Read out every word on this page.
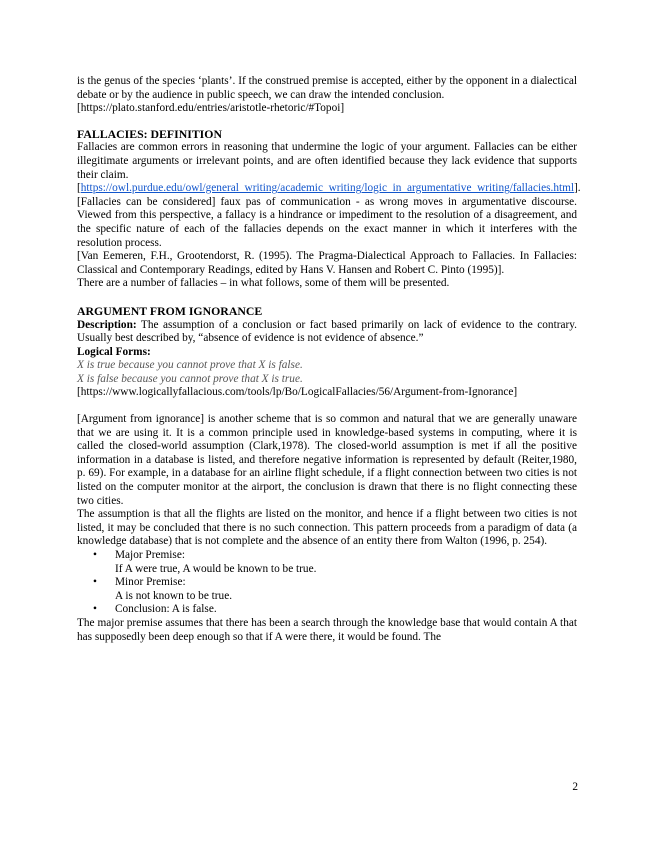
is the genus of the species ‘plants’. If the construed premise is accepted, either by the opponent in a dialectical debate or by the audience in public speech, we can draw the intended conclusion.

[https://plato.stanford.edu/entries/aristotle-rhetoric/#Topoi]

FALLACIES: DEFINITION

Fallacies are common errors in reasoning that undermine the logic of your argument. Fallacies can be either illegitimate arguments or irrelevant points, and are often identified because they lack evidence that supports their claim.

[https://owl.purdue.edu/owl/general_writing/academic_writing/logic_in_argumentative_writing/fallacies.html].

[Fallacies can be considered] faux pas of communication - as wrong moves in argumentative discourse. Viewed from this perspective, a fallacy is a hindrance or impediment to the resolution of a disagreement, and the specific nature of each of the fallacies depends on the exact manner in which it interferes with the resolution process.

[Van Eemeren, F.H., Grootendorst, R. (1995). The Pragma-Dialectical Approach to Fallacies. In Fallacies: Classical and Contemporary Readings, edited by Hans V. Hansen and Robert C. Pinto (1995)].

There are a number of fallacies – in what follows, some of them will be presented.

ARGUMENT FROM IGNORANCE

Description: The assumption of a conclusion or fact based primarily on lack of evidence to the contrary. Usually best described by, “absence of evidence is not evidence of absence.”

Logical Forms:

X is true because you cannot prove that X is false.

X is false because you cannot prove that X is true.

[https://www.logicallyfallacious.com/tools/lp/Bo/LogicalFallacies/56/Argument-from-Ignorance]

[Argument from ignorance] is another scheme that is so common and natural that we are generally unaware that we are using it. It is a common principle used in knowledge-based systems in computing, where it is called the closed-world assumption (Clark,1978). The closed-world assumption is met if all the positive information in a database is listed, and therefore negative information is represented by default (Reiter,1980, p. 69). For example, in a database for an airline flight schedule, if a flight connection between two cities is not listed on the computer monitor at the airport, the conclusion is drawn that there is no flight connecting these two cities.

The assumption is that all the flights are listed on the monitor, and hence if a flight between two cities is not listed, it may be concluded that there is no such connection. This pattern proceeds from a paradigm of data (a knowledge database) that is not complete and the absence of an entity there from Walton (1996, p. 254).

• Major Premise:
If A were true, A would be known to be true.
• Minor Premise:
A is not known to be true.
• Conclusion: A is false.

The major premise assumes that there has been a search through the knowledge base that would contain A that has supposedly been deep enough so that if A were there, it would be found. The

2
